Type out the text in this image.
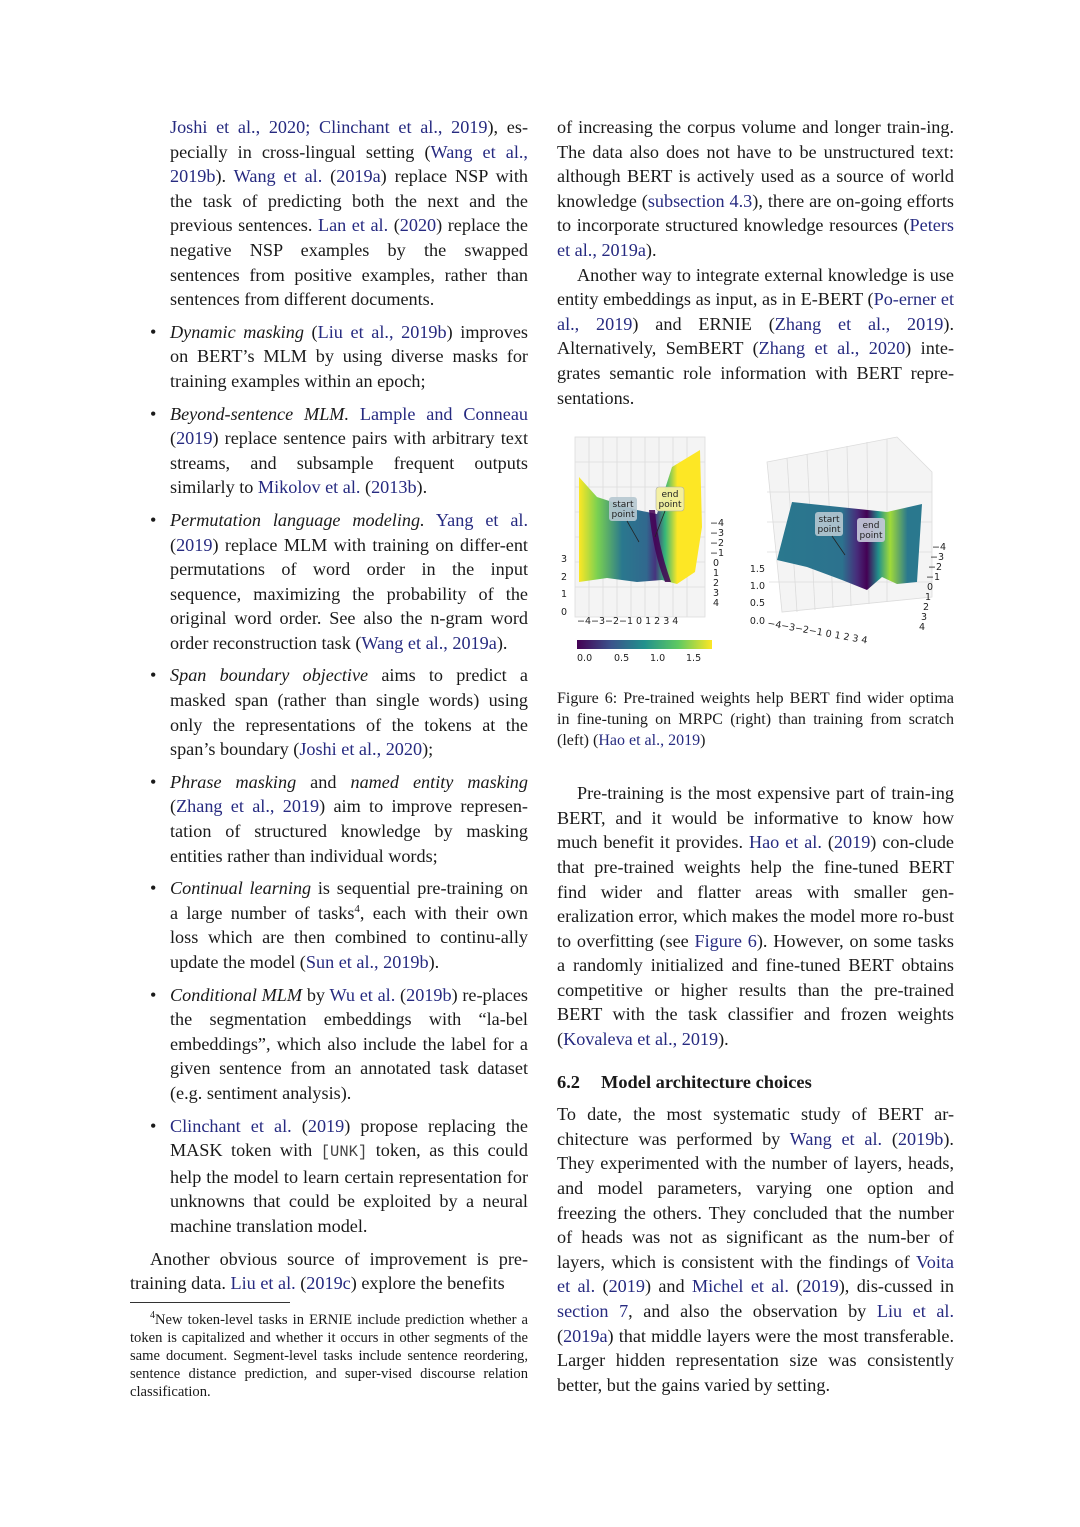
Joshi et al., 2020; Clinchant et al., 2019), es-pecially in cross-lingual setting (Wang et al., 2019b). Wang et al. (2019a) replace NSP with the task of predicting both the next and the previous sentences. Lan et al. (2020) replace the negative NSP examples by the swapped sentences from positive examples, rather than sentences from different documents.

• Dynamic masking (Liu et al., 2019b) improves on BERT’s MLM by using diverse masks for training examples within an epoch;
• Beyond-sentence MLM. Lample and Conneau (2019) replace sentence pairs with arbitrary text streams, and subsample frequent outputs similarly to Mikolov et al. (2013b).
• Permutation language modeling. Yang et al. (2019) replace MLM with training on differ-ent permutations of word order in the input sequence, maximizing the probability of the original word order. See also the n-gram word order reconstruction task (Wang et al., 2019a).
• Span boundary objective aims to predict a masked span (rather than single words) using only the representations of the tokens at the span’s boundary (Joshi et al., 2020);
• Phrase masking and named entity masking (Zhang et al., 2019) aim to improve represen-tation of structured knowledge by masking entities rather than individual words;
• Continual learning is sequential pre-training on a large number of tasks$^4$, each with their own loss which are then combined to continu-ally update the model (Sun et al., 2019b).
• Conditional MLM by Wu et al. (2019b) re-places the segmentation embeddings with “la-bel embeddings”, which also include the label for a given sentence from an annotated task dataset (e.g. sentiment analysis).
• Clinchant et al. (2019) propose replacing the MASK token with [UNK] token, as this could help the model to learn certain representation for unknowns that could be exploited by a neural machine translation model.

Another obvious source of improvement is pre-training data. Liu et al. (2019c) explore the benefits

$^4$New token-level tasks in ERNIE include prediction whether a token is capitalized and whether it occurs in other segments of the same document. Segment-level tasks include sentence reordering, sentence distance prediction, and super-vised discourse relation classification.

of increasing the corpus volume and longer train-ing. The data also does not have to be unstructured text: although BERT is actively used as a source of world knowledge (subsection 4.3), there are on-going efforts to incorporate structured knowledge resources (Peters et al., 2019a).

Another way to integrate external knowledge is use entity embeddings as input, as in E-BERT (Po-erner et al., 2019) and ERNIE (Zhang et al., 2019). Alternatively, SemBERT (Zhang et al., 2020) inte-grates semantic role information with BERT repre-sentations.

start
point
end
point
0
1
2
3
−4−3−2−1 0 1 2 3 4
−4
−3
−2
−1
0
1
2
3
4
0.0 0.5 1.0 1.5
start
point end
point
1.5
1.0
0.5
0.0 −4−3−2−1 0 1 2 3 4
−4
−3
−2
−1
0
1
2
3
4

Figure 6: Pre-trained weights help BERT find wider optima in fine-tuning on MRPC (right) than training from scratch (left) (Hao et al., 2019)

Pre-training is the most expensive part of train-ing BERT, and it would be informative to know how much benefit it provides. Hao et al. (2019) con-clude that pre-trained weights help the fine-tuned BERT find wider and flatter areas with smaller gen-eralization error, which makes the model more ro-bust to overfitting (see Figure 6). However, on some tasks a randomly initialized and fine-tuned BERT obtains competitive or higher results than the pre-trained BERT with the task classifier and frozen weights (Kovaleva et al., 2019).

6.2 Model architecture choices

To date, the most systematic study of BERT ar-chitecture was performed by Wang et al. (2019b). They experimented with the number of layers, heads, and model parameters, varying one option and freezing the others. They concluded that the number of heads was not as significant as the num-ber of layers, which is consistent with the findings of Voita et al. (2019) and Michel et al. (2019), dis-cussed in section 7, and also the observation by Liu et al. (2019a) that middle layers were the most transferable. Larger hidden representation size was consistently better, but the gains varied by setting.
